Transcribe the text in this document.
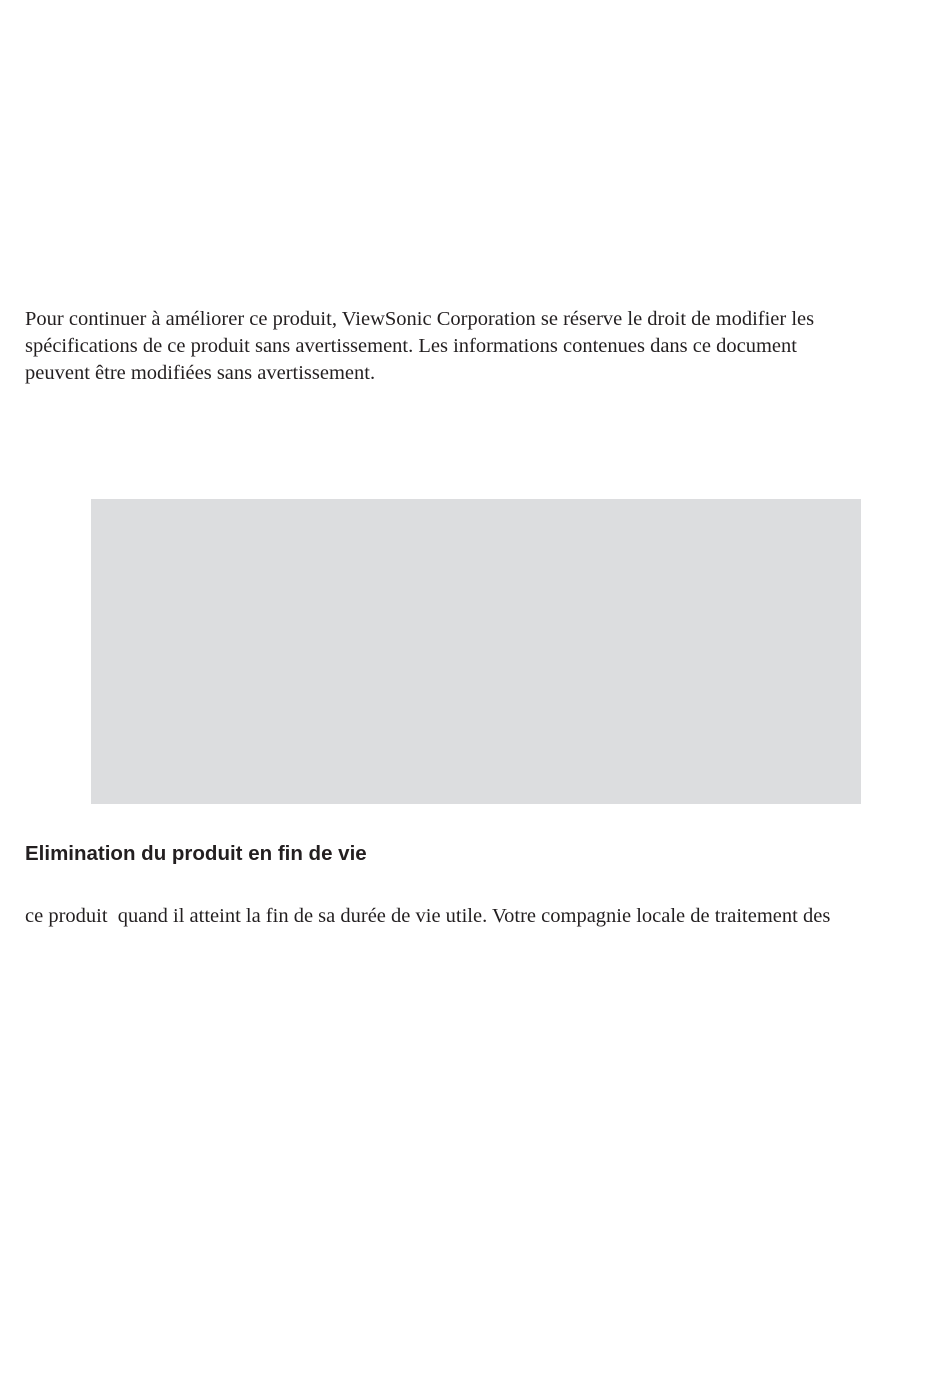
Pour continuer à améliorer ce produit, ViewSonic Corporation se réserve le droit de modifier les
spécifications de ce produit sans avertissement. Les informations contenues dans ce document
peuvent être modifiées sans avertissement.
Elimination du produit en fin de vie
ce produit  quand il atteint la fin de sa durée de vie utile. Votre compagnie locale de traitement des
